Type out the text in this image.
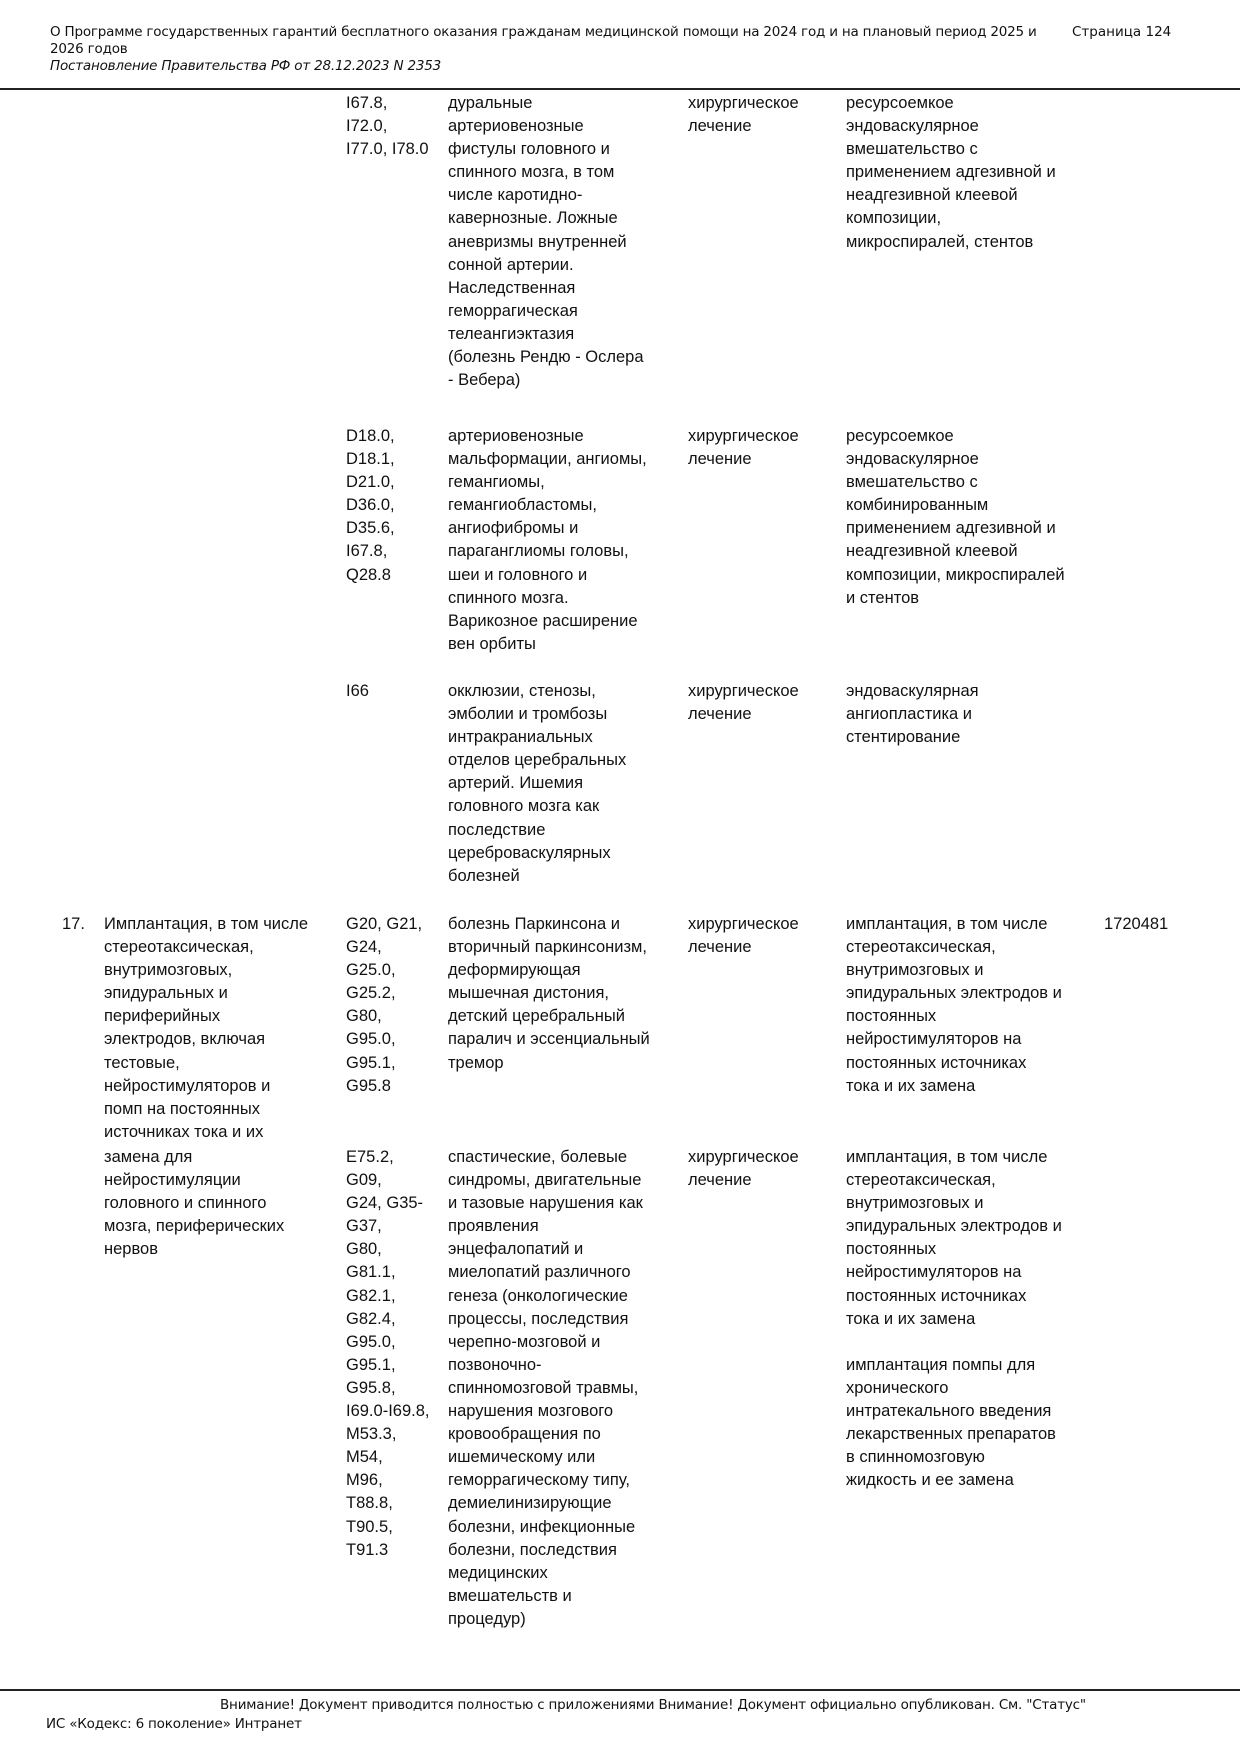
О Программе государственных гарантий бесплатного оказания гражданам медицинской помощи на 2024 год и на плановый период 2025 и 2026 годов
Постановление Правительства РФ от 28.12.2023 N 2353
Страница 124
I67.8,
I72.0,
I77.0, I78.0
дуральные
артериовенозные
фистулы головного и
спинного мозга, в том
числе каротидно-
кавернозные. Ложные
аневризмы внутренней
сонной артерии.
Наследственная
геморрагическая
телеангиэктазия
(болезнь Рендю - Ослера
- Вебера)
хирургическое
лечение
ресурсоемкое
эндоваскулярное
вмешательство с
применением адгезивной и
неадгезивной клеевой
композиции,
микроспиралей, стентов
D18.0,
D18.1,
D21.0,
D36.0,
D35.6,
I67.8,
Q28.8
артериовенозные
мальформации, ангиомы,
гемангиомы,
гемангиобластомы,
ангиофибромы и
параганглиомы головы,
шеи и головного и
спинного мозга.
Варикозное расширение
вен орбиты
хирургическое
лечение
ресурсоемкое
эндоваскулярное
вмешательство с
комбинированным
применением адгезивной и
неадгезивной клеевой
композиции, микроспиралей
и стентов
I66	окклюзии, стенозы,
эмболии и тромбозы
интракраниальных
отделов церебральных
артерий. Ишемия
головного мозга как
последствие
цереброваскулярных
болезней
хирургическое
лечение
эндоваскулярная
ангиопластика и
стентирование
17. Имплантация, в том числе
стереотаксическая,
внутримозговых,
эпидуральных и
периферийных
электродов, включая
тестовые,
нейростимуляторов и
помп на постоянных
источниках тока и их
G20, G21,
G24,
G25.0,
G25.2,
G80,
G95.0,
G95.1,
G95.8
болезнь Паркинсона и
вторичный паркинсонизм,
деформирующая
мышечная дистония,
детский церебральный
паралич и эссенциальный
тремор
хирургическое
лечение
имплантация, в том числе
стереотаксическая,
внутримозговых и
эпидуральных электродов и
постоянных
нейростимуляторов на
постоянных источниках
тока и их замена
1720481
замена для
нейростимуляции
головного и спинного
мозга, периферических
нервов
E75.2,
G09,
G24, G35-
G37,
G80,
G81.1,
G82.1,
G82.4,
G95.0,
G95.1,
G95.8,
I69.0-I69.8,
M53.3,
M54,
M96,
T88.8,
T90.5,
T91.3
спастические, болевые
синдромы, двигательные
и тазовые нарушения как
проявления
энцефалопатий и
миелопатий различного
генеза (онкологические
процессы, последствия
черепно-мозговой и
позвоночно-
спинномозговой травмы,
нарушения мозгового
кровообращения по
ишемическому или
геморрагическому типу,
демиелинизирующие
болезни, инфекционные
болезни, последствия
медицинских
вмешательств и
процедур)
хирургическое
лечение
имплантация, в том числе
стереотаксическая,
внутримозговых и
эпидуральных электродов и
постоянных
нейростимуляторов на
постоянных источниках
тока и их замена
имплантация помпы для
хронического
интратекального введения
лекарственных препаратов
в спинномозговую
жидкость и ее замена
Внимание! Документ приводится полностью с приложениями Внимание! Документ официально опубликован. См. "Статус"
ИС «Кодекс: 6 поколение» Интранет
